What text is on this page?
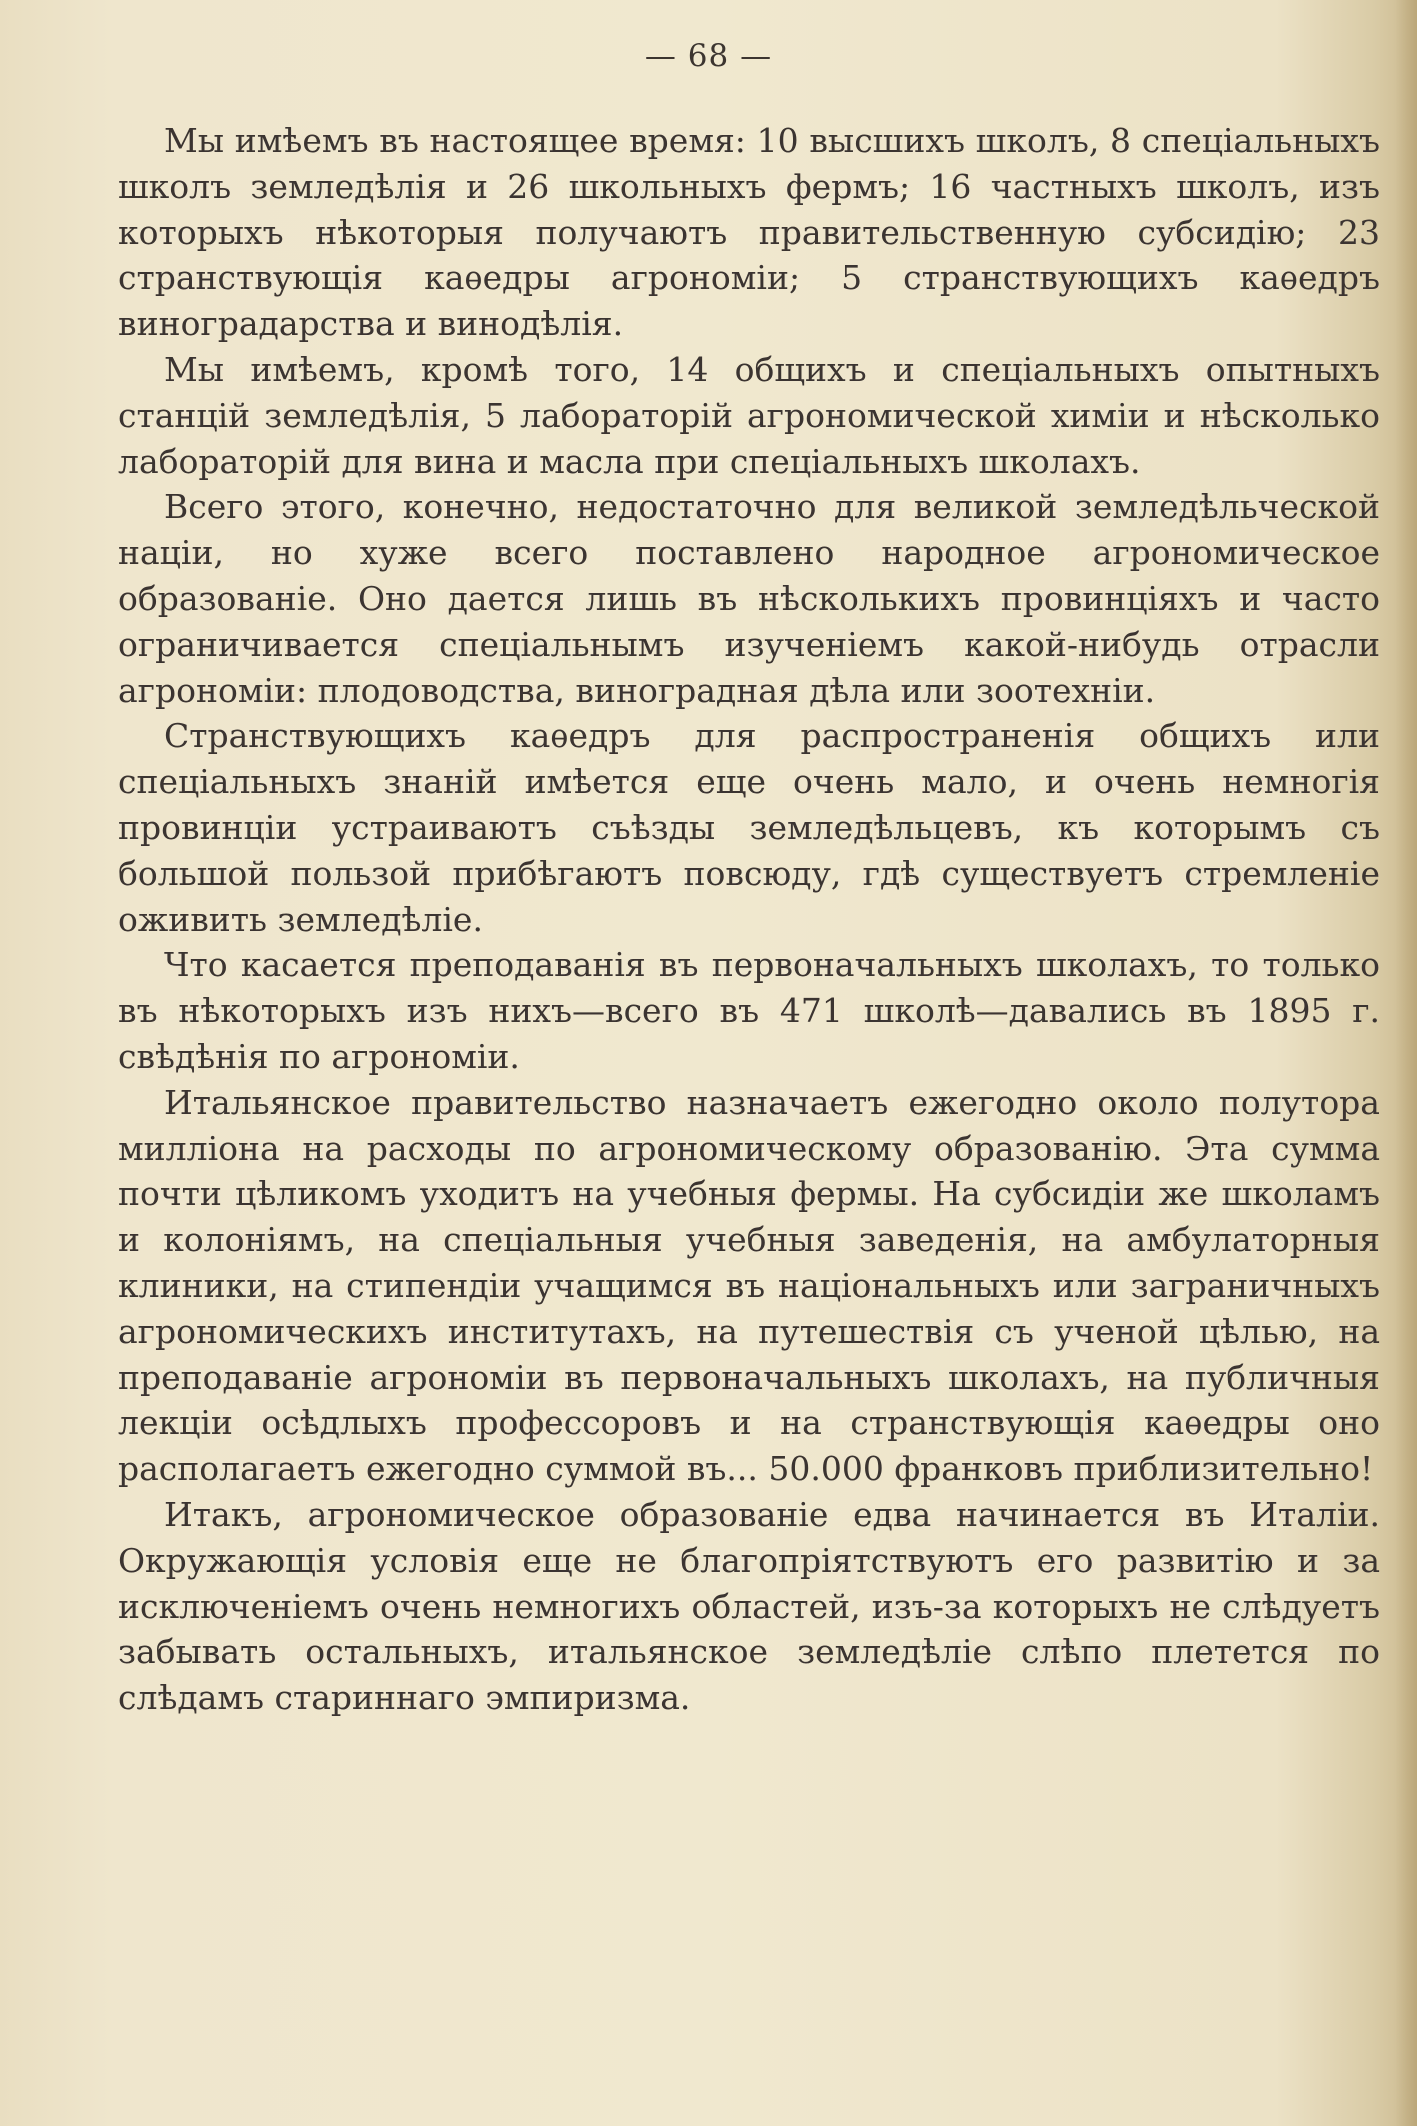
— 68 —

Мы имѣемъ въ настоящее время: 10 высшихъ школъ, 8 спеціальныхъ школъ земледѣлія и 26 школьныхъ фермъ; 16 частныхъ школъ, изъ которыхъ нѣкоторыя получаютъ правительственную субсидію; 23 странствующія каѳедры агрономіи; 5 странствующихъ каѳедръ виноградарства и винодѣлія.

Мы имѣемъ, кромѣ того, 14 общихъ и спеціальныхъ опытныхъ станцій земледѣлія, 5 лабораторій агрономической химіи и нѣсколько лабораторій для вина и масла при спеціальныхъ школахъ.

Всего этого, конечно, недостаточно для великой земледѣльческой націи, но хуже всего поставлено народное агрономическое образованіе. Оно дается лишь въ нѣсколькихъ провинціяхъ и часто ограничивается спеціальнымъ изученіемъ какой-нибудь отрасли агрономіи: плодоводства, виноградная дѣла или зоотехніи.

Странствующихъ каѳедръ для распространенія общихъ или спеціальныхъ знаній имѣется еще очень мало, и очень немногія провинціи устраиваютъ съѣзды земледѣльцевъ, къ которымъ съ большой пользой прибѣгаютъ повсюду, гдѣ существуетъ стремленіе оживить земледѣліе.

Что касается преподаванія въ первоначальныхъ школахъ, то только въ нѣкоторыхъ изъ нихъ—всего въ 471 школѣ—давались въ 1895 г. свѣдѣнія по агрономіи.

Итальянское правительство назначаетъ ежегодно около полутора милліона на расходы по агрономическому образованію. Эта сумма почти цѣликомъ уходитъ на учебныя фермы. На субсидіи же школамъ и колоніямъ, на спеціальныя учебныя заведенія, на амбулаторныя клиники, на стипендіи учащимся въ національныхъ или заграничныхъ агрономическихъ институтахъ, на путешествія съ ученой цѣлью, на преподаваніе агрономіи въ первоначальныхъ школахъ, на публичныя лекціи осѣдлыхъ профессоровъ и на странствующія каѳедры оно располагаетъ ежегодно суммой въ... 50.000 франковъ приблизительно!

Итакъ, агрономическое образованіе едва начинается въ Италіи. Окружающія условія еще не благопріятствуютъ его развитію и за исключеніемъ очень немногихъ областей, изъ-за которыхъ не слѣдуетъ забывать остальныхъ, итальянское земледѣліе слѣпо плетется по слѣдамъ стариннаго эмпиризма.
